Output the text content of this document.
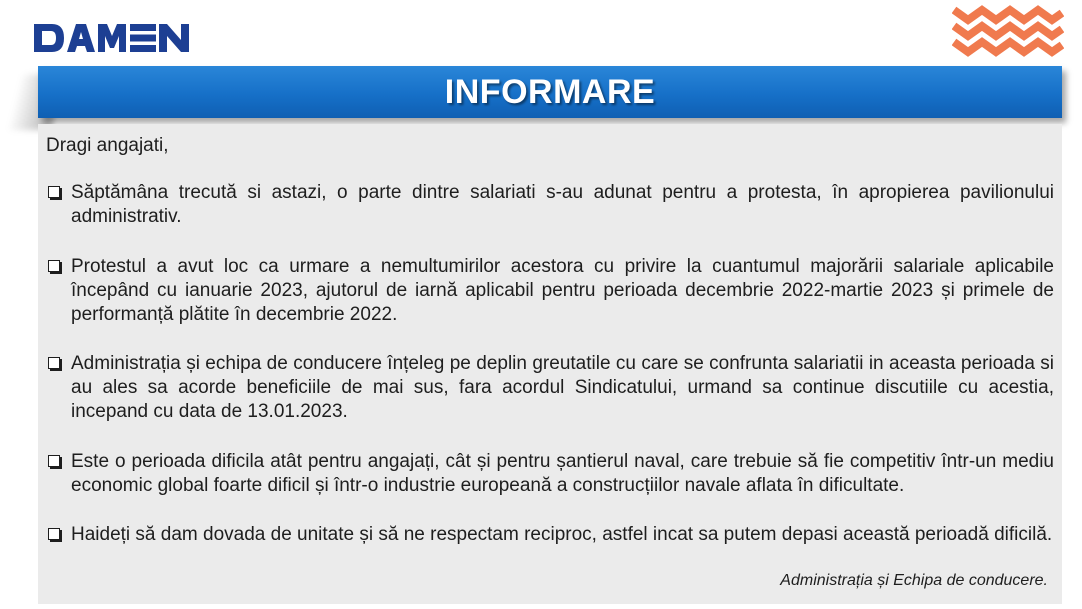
INFORMARE
Dragi angajati,
Săptămâna trecută si astazi, o parte dintre salariati s-au adunat pentru a protesta, în apropierea pavilionului administrativ.
Protestul a avut loc ca urmare a nemultumirilor acestora cu privire la cuantumul majorării salariale aplicabile începând cu ianuarie 2023, ajutorul de iarnă aplicabil pentru perioada decembrie 2022-martie 2023 și primele de performanță plătite în decembrie 2022.
Administrația și echipa de conducere înțeleg pe deplin greutatile cu care se confrunta salariatii in aceasta perioada si au ales sa acorde beneficiile de mai sus, fara acordul Sindicatului, urmand sa continue discutiile cu acestia, incepand cu data de 13.01.2023.
Este o perioada dificila atât pentru angajați, cât și pentru șantierul naval, care trebuie să fie competitiv într-un mediu economic global foarte dificil și într-o industrie europeană a construcțiilor navale aflata în dificultate.
Haideți să dam dovada de unitate și să ne respectam reciproc, astfel incat sa putem depasi această perioadă dificilă.
Administrația și Echipa de conducere.
